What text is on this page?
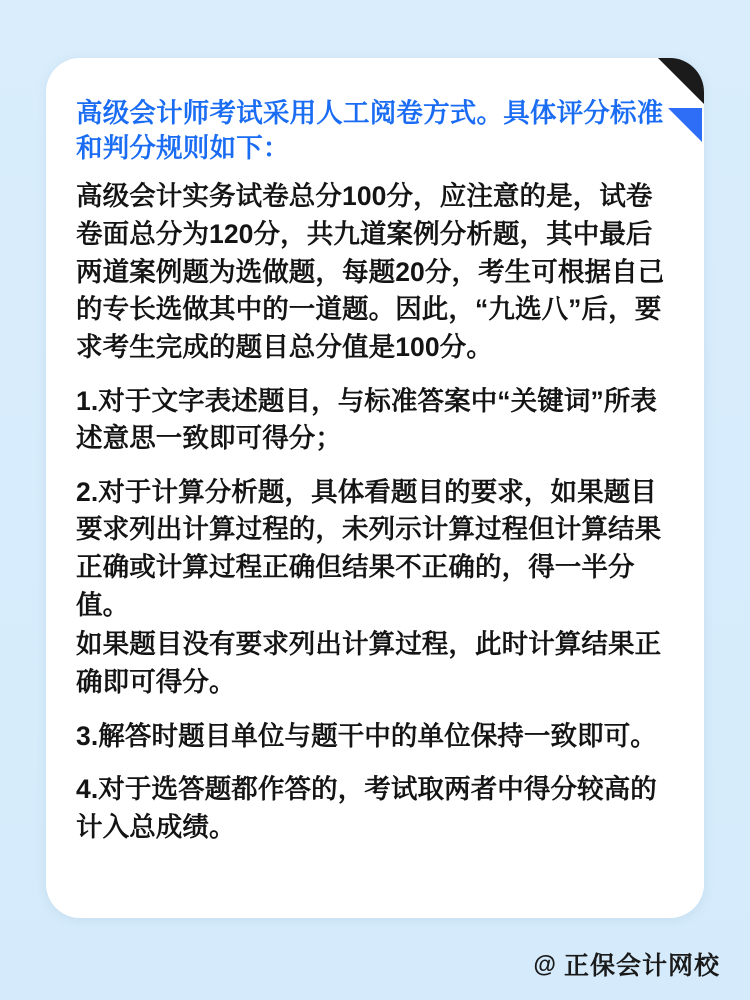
高级会计师考试采用人工阅卷方式。具体评分标准和判分规则如下：

高级会计实务试卷总分100分，应注意的是，试卷卷面总分为120分，共九道案例分析题，其中最后两道案例题为选做题，每题20分，考生可根据自己的专长选做其中的一道题。因此，“九选八”后，要求考生完成的题目总分值是100分。

1.对于文字表述题目，与标准答案中“关键词”所表述意思一致即可得分；

2.对于计算分析题，具体看题目的要求，如果题目要求列出计算过程的，未列示计算过程但计算结果正确或计算过程正确但结果不正确的，得一半分值。

如果题目没有要求列出计算过程，此时计算结果正确即可得分。

3.解答时题目单位与题干中的单位保持一致即可。

4.对于选答题都作答的，考试取两者中得分较高的计入总成绩。

@ 正保会计网校
